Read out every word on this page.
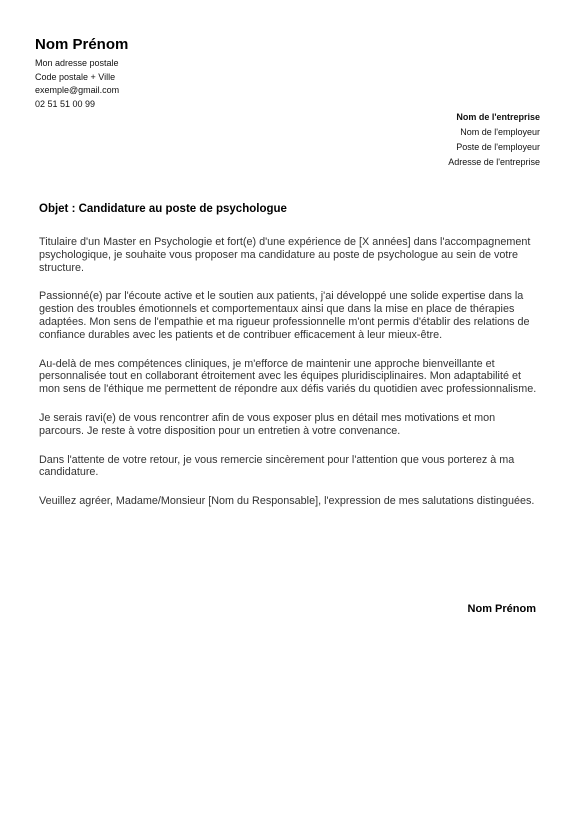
Nom Prénom
Mon adresse postale
Code postale + Ville
exemple@gmail.com
02 51 51 00 99
Nom de l'entreprise
Nom de l'employeur
Poste de l'employeur
Adresse de l'entreprise
Objet : Candidature au poste de psychologue

Titulaire d'un Master en Psychologie et fort(e) d'une expérience de [X années] dans l'accompagnement psychologique, je souhaite vous proposer ma candidature au poste de psychologue au sein de votre structure.

Passionné(e) par l'écoute active et le soutien aux patients, j'ai développé une solide expertise dans la gestion des troubles émotionnels et comportementaux ainsi que dans la mise en place de thérapies adaptées. Mon sens de l'empathie et ma rigueur professionnelle m'ont permis d'établir des relations de confiance durables avec les patients et de contribuer efficacement à leur mieux-être.

Au-delà de mes compétences cliniques, je m'efforce de maintenir une approche bienveillante et personnalisée tout en collaborant étroitement avec les équipes pluridisciplinaires. Mon adaptabilité et mon sens de l'éthique me permettent de répondre aux défis variés du quotidien avec professionnalisme.

Je serais ravi(e) de vous rencontrer afin de vous exposer plus en détail mes motivations et mon parcours. Je reste à votre disposition pour un entretien à votre convenance.

Dans l'attente de votre retour, je vous remercie sincèrement pour l'attention que vous porterez à ma candidature.

Veuillez agréer, Madame/Monsieur [Nom du Responsable], l'expression de mes salutations distinguées.

Nom Prénom
